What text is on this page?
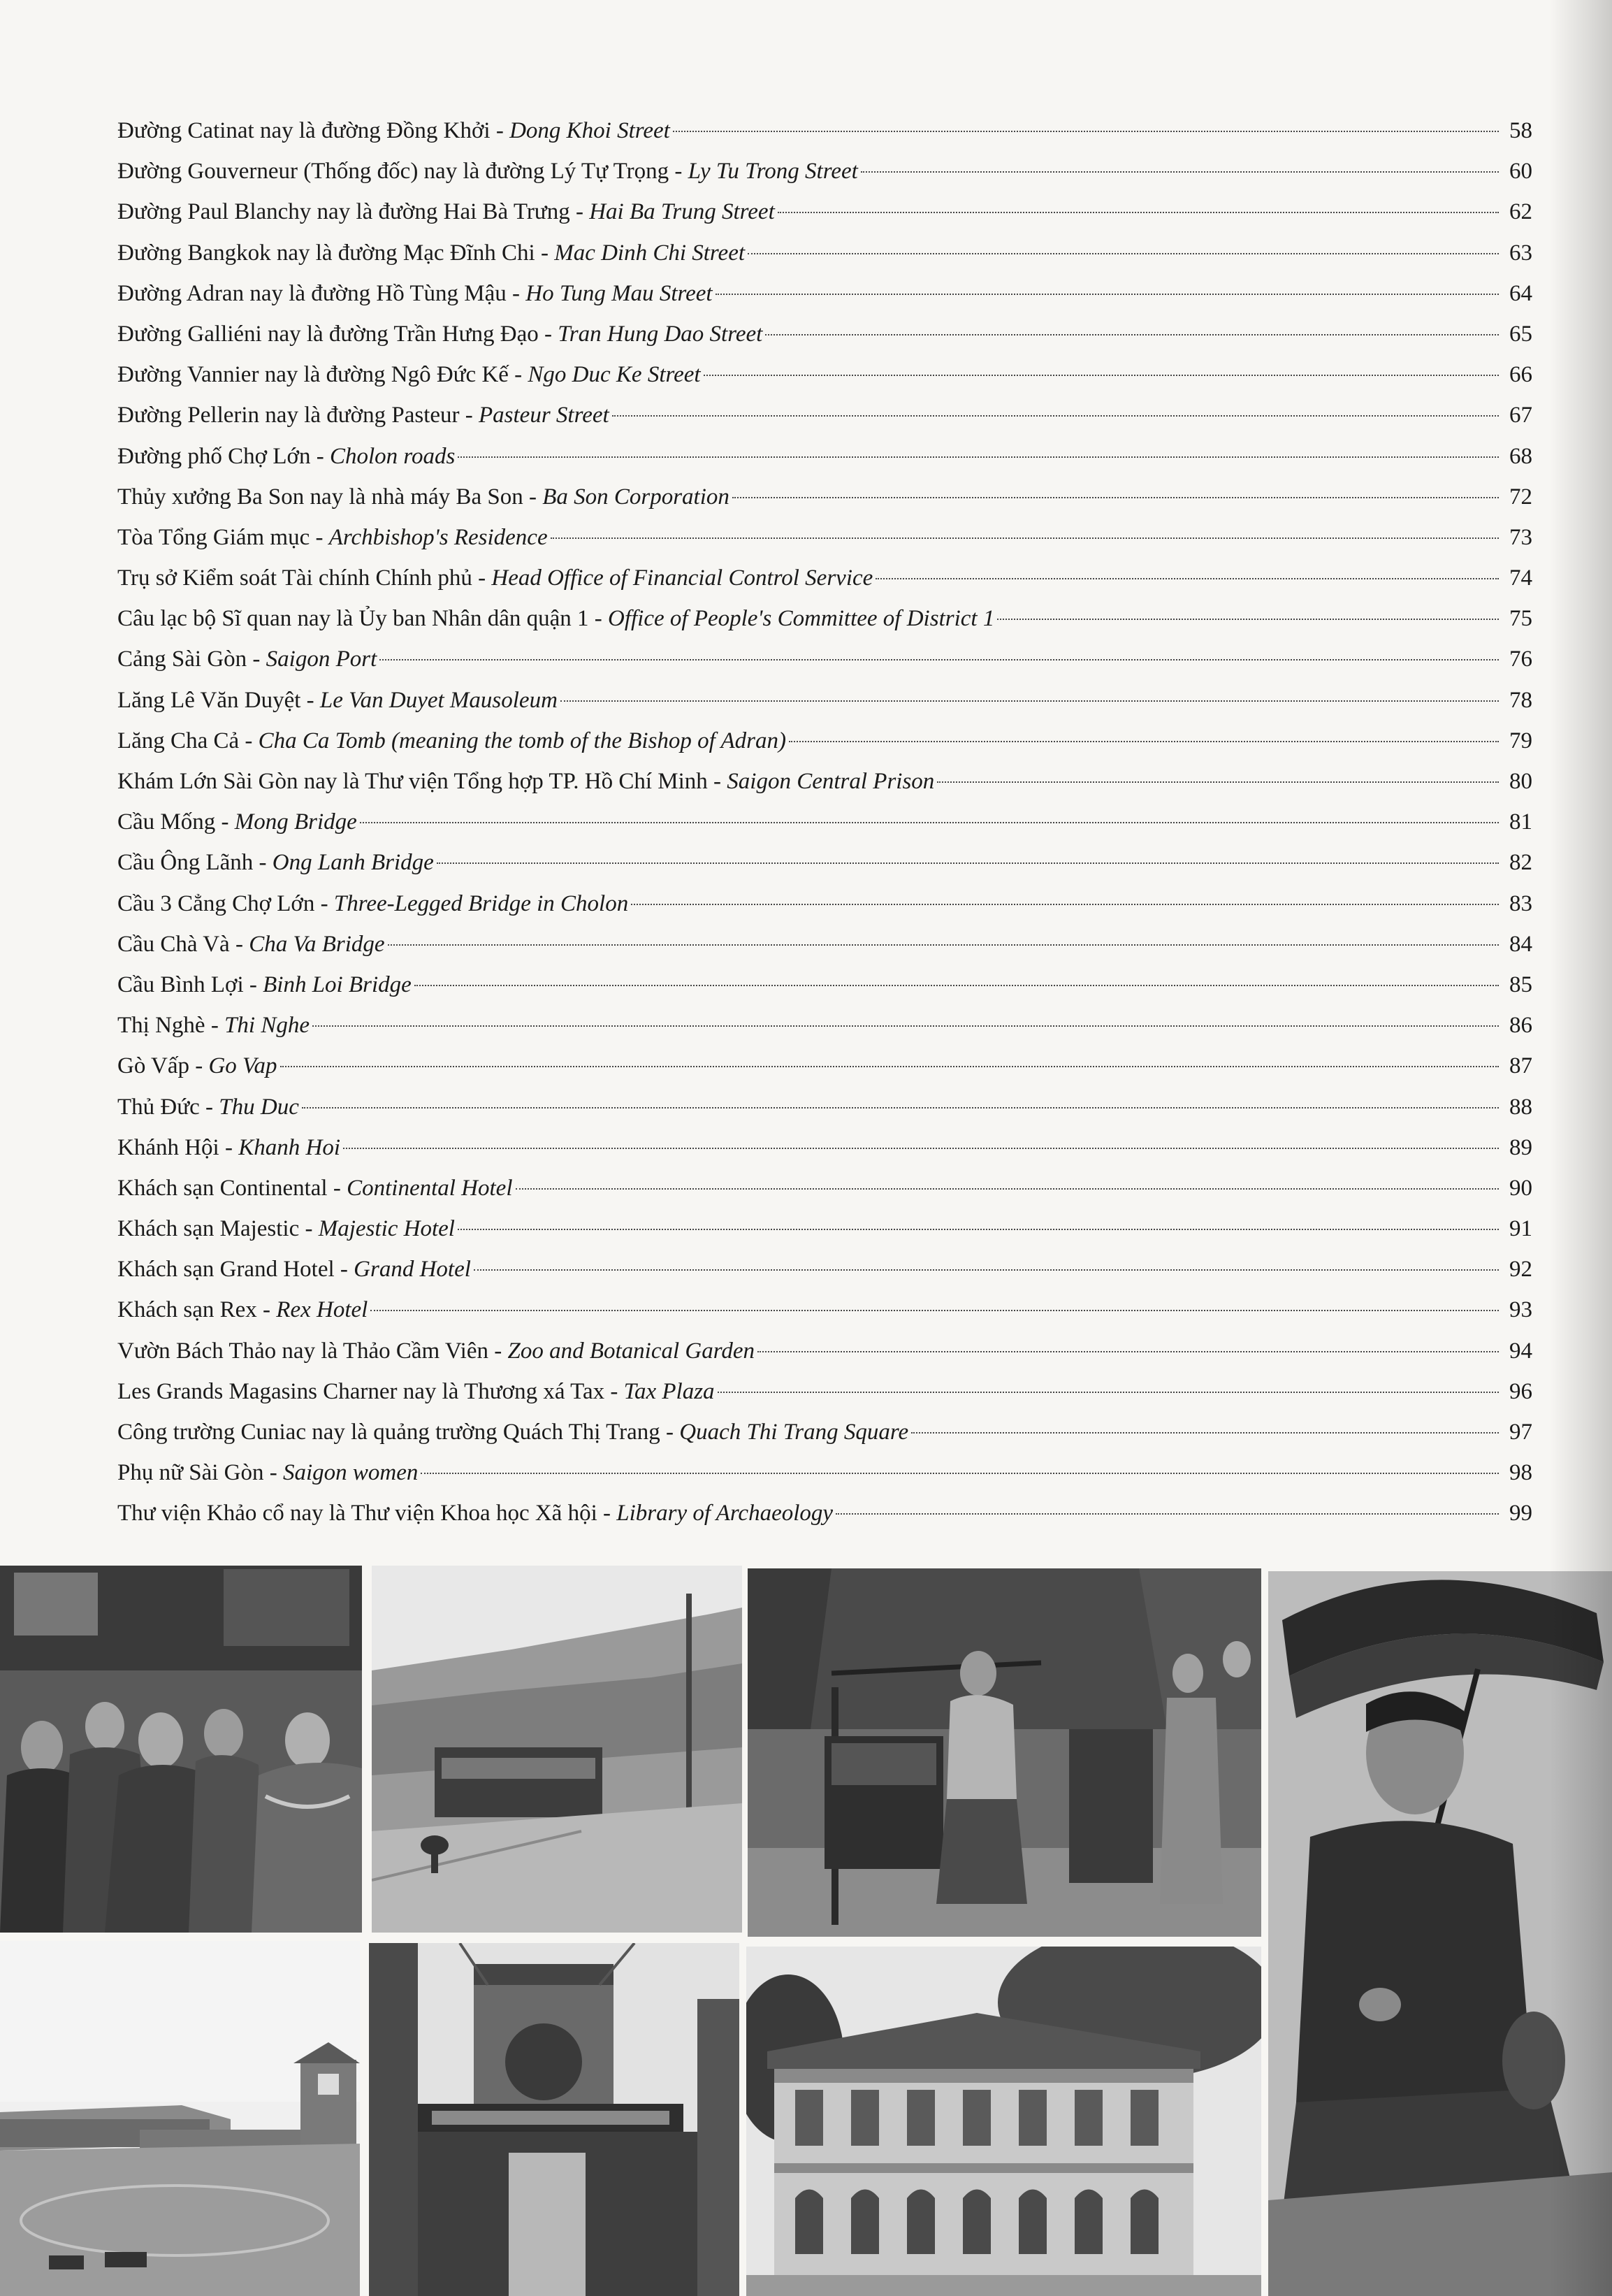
Đường Catinat nay là đường Đồng Khởi - Dong Khoi Street	58
Đường Gouverneur (Thống đốc) nay là đường Lý Tự Trọng - Ly Tu Trong Street	60
Đường Paul Blanchy nay là đường Hai Bà Trưng - Hai Ba Trung Street	62
Đường Bangkok nay là đường Mạc Đĩnh Chi - Mac Dinh Chi Street	63
Đường Adran nay là đường Hồ Tùng Mậu - Ho Tung Mau Street	64
Đường Galliéni nay là đường Trần Hưng Đạo - Tran Hung Dao Street	65
Đường Vannier nay là đường Ngô Đức Kế - Ngo Duc Ke Street	66
Đường Pellerin nay là đường Pasteur - Pasteur Street	67
Đường phố Chợ Lớn - Cholon roads	68
Thủy xưởng Ba Son nay là nhà máy Ba Son - Ba Son Corporation	72
Tòa Tổng Giám mục - Archbishop's Residence	73
Trụ sở Kiểm soát Tài chính Chính phủ - Head Office of Financial Control Service	74
Câu lạc bộ Sĩ quan nay là Ủy ban Nhân dân quận 1 - Office of People's Committee of District 1	75
Cảng Sài Gòn - Saigon Port	76
Lăng Lê Văn Duyệt - Le Van Duyet Mausoleum	78
Lăng Cha Cả - Cha Ca Tomb (meaning the tomb of the Bishop of Adran)	79
Khám Lớn Sài Gòn nay là Thư viện Tổng hợp TP. Hồ Chí Minh - Saigon Central Prison	80
Cầu Mống - Mong Bridge	81
Cầu Ông Lãnh - Ong Lanh Bridge	82
Cầu 3 Cẳng Chợ Lớn - Three-Legged Bridge in Cholon	83
Cầu Chà Và - Cha Va Bridge	84
Cầu Bình Lợi - Binh Loi Bridge	85
Thị Nghè - Thi Nghe	86
Gò Vấp - Go Vap	87
Thủ Đức - Thu Duc	88
Khánh Hội - Khanh Hoi	89
Khách sạn Continental - Continental Hotel	90
Khách sạn Majestic - Majestic Hotel	91
Khách sạn Grand Hotel - Grand Hotel	92
Khách sạn Rex - Rex Hotel	93
Vườn Bách Thảo nay là Thảo Cầm Viên - Zoo and Botanical Garden	94
Les Grands Magasins Charner nay là Thương xá Tax - Tax Plaza	96
Công trường Cuniac nay là quảng trường Quách Thị Trang - Quach Thi Trang Square	97
Phụ nữ Sài Gòn - Saigon women	98
Thư viện Khảo cổ nay là Thư viện Khoa học Xã hội - Library of Archaeology	99
